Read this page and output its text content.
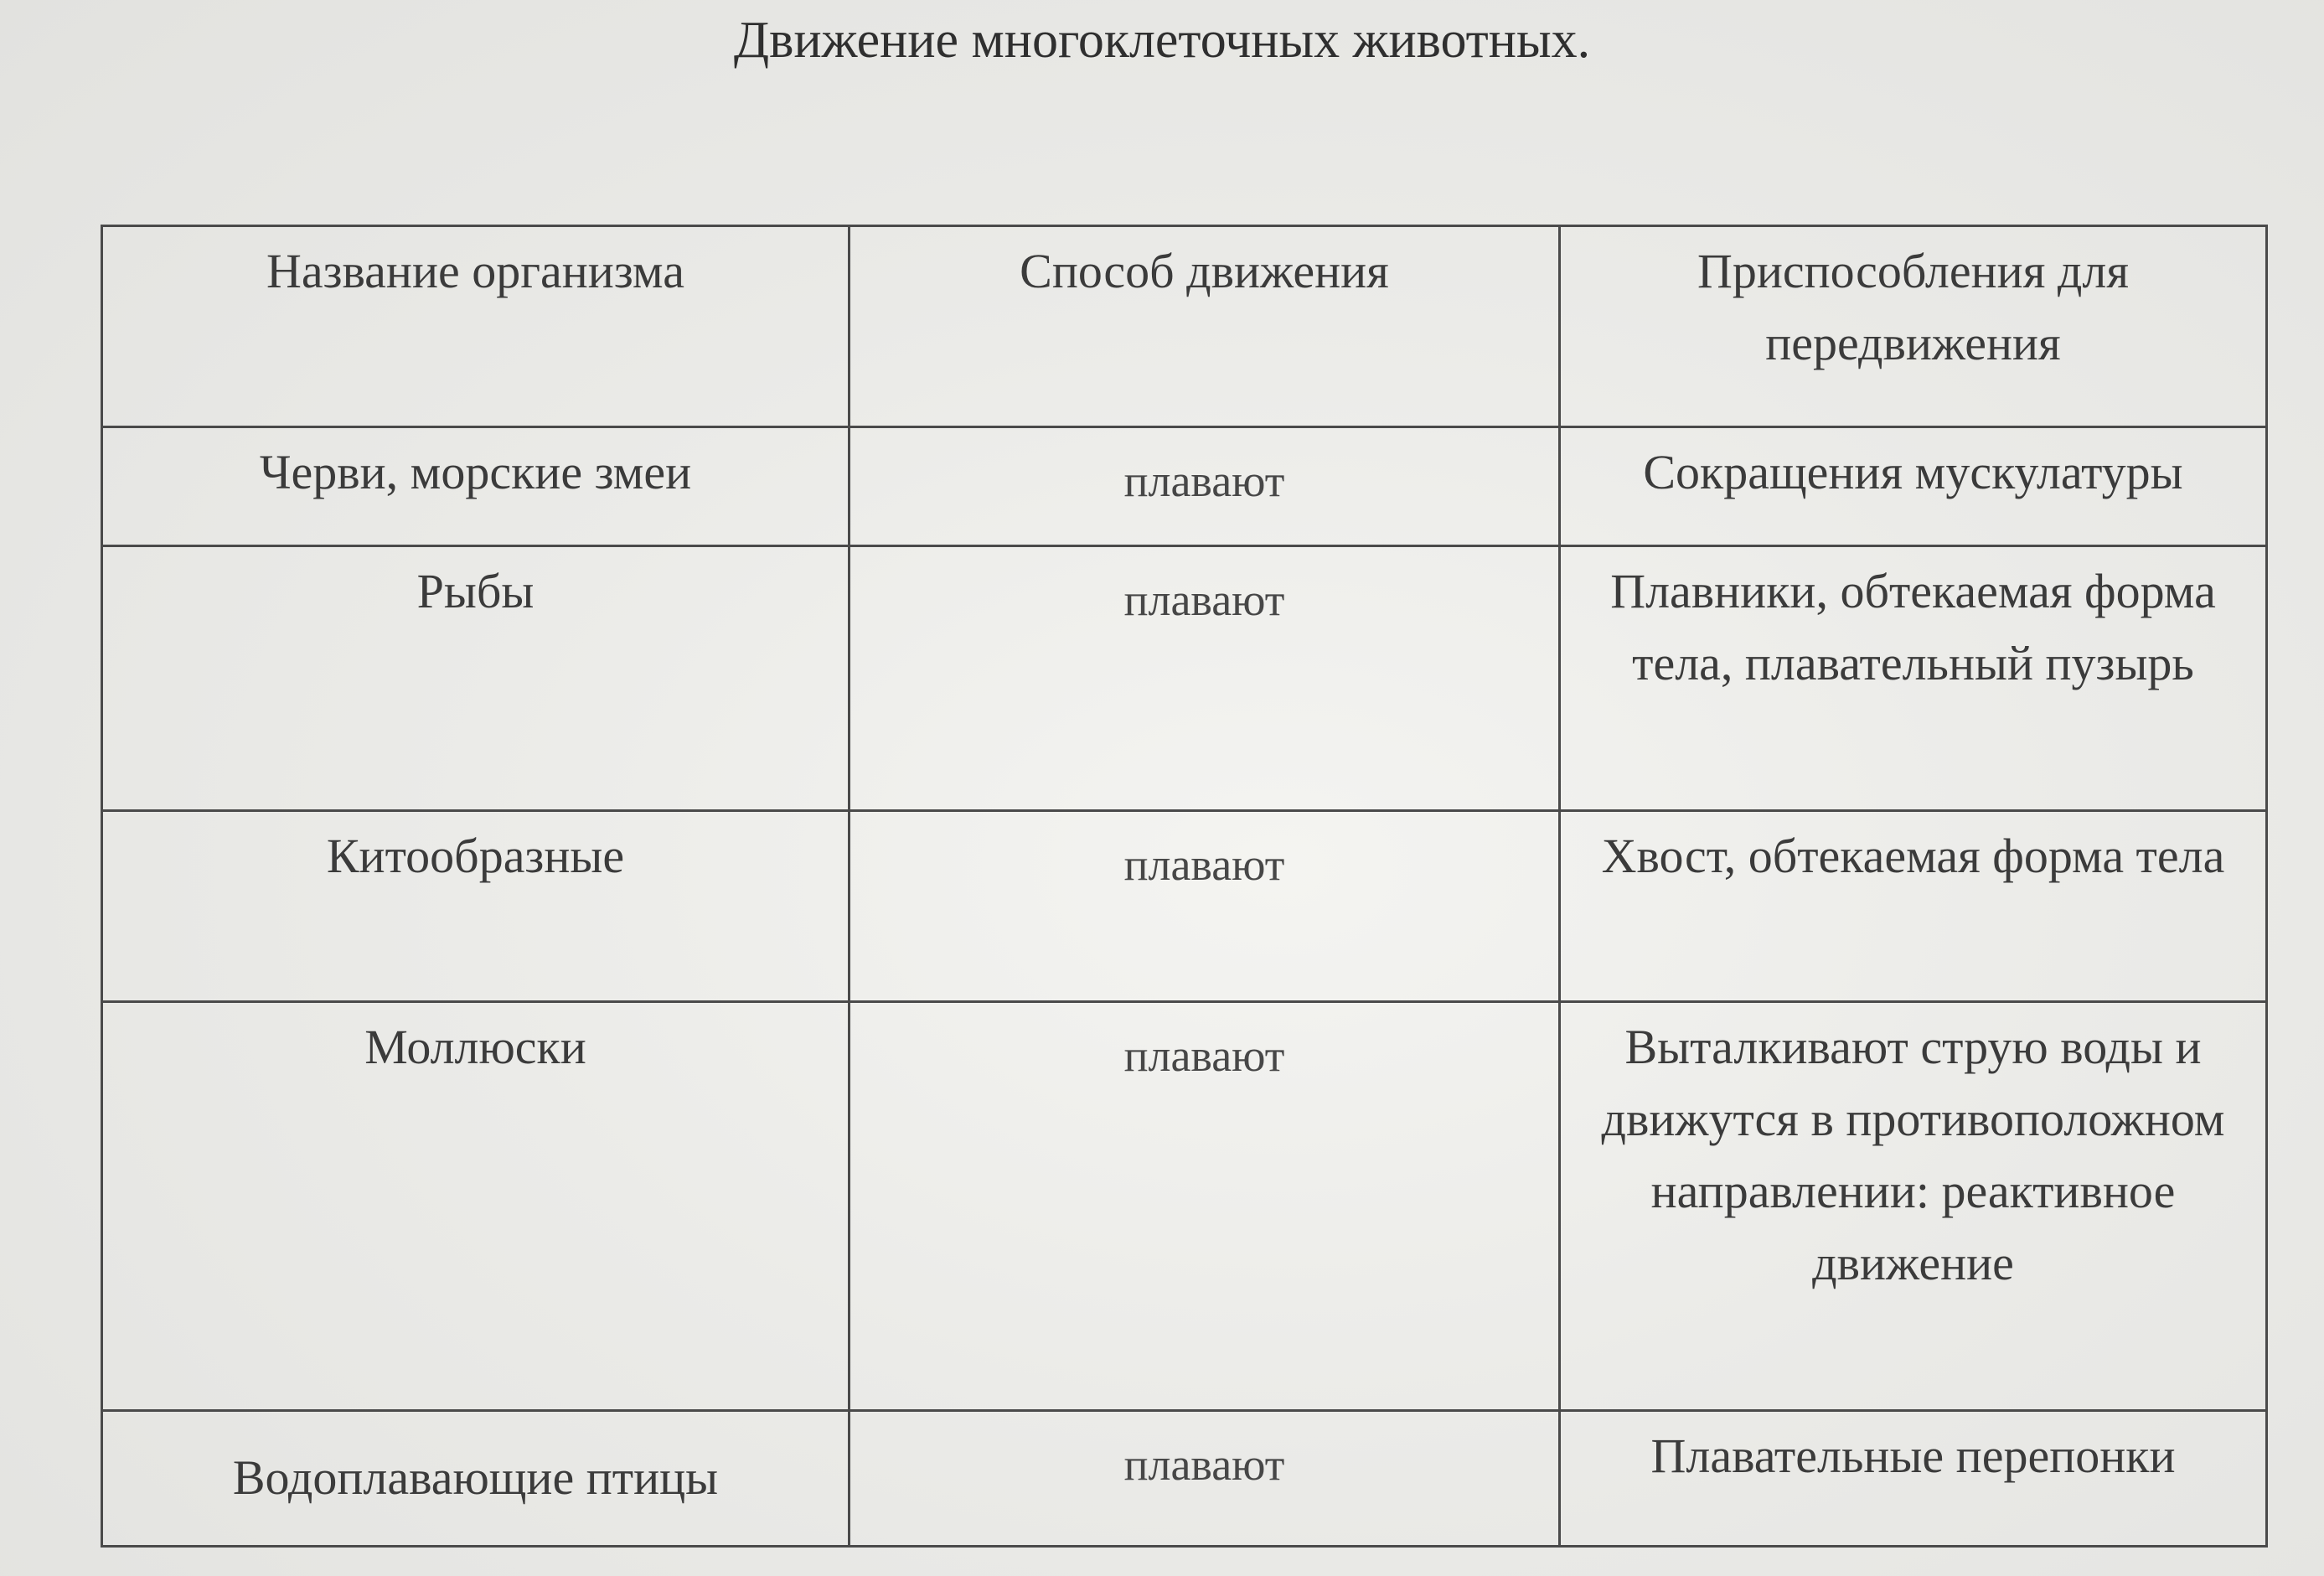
Движение многоклеточных животных.
Название организма	Способ движения	Приспособления для передвижения
Черви, морские змеи	плавают	Сокращения мускулатуры
Рыбы	плавают	Плавники, обтекаемая форма тела, плавательный пузырь
Китообразные	плавают	Хвост, обтекаемая форма тела
Моллюски	плавают	Выталкивают струю воды и движутся в противоположном направлении: реактивное движение
Водоплавающие птицы	плавают	Плавательные перепонки
